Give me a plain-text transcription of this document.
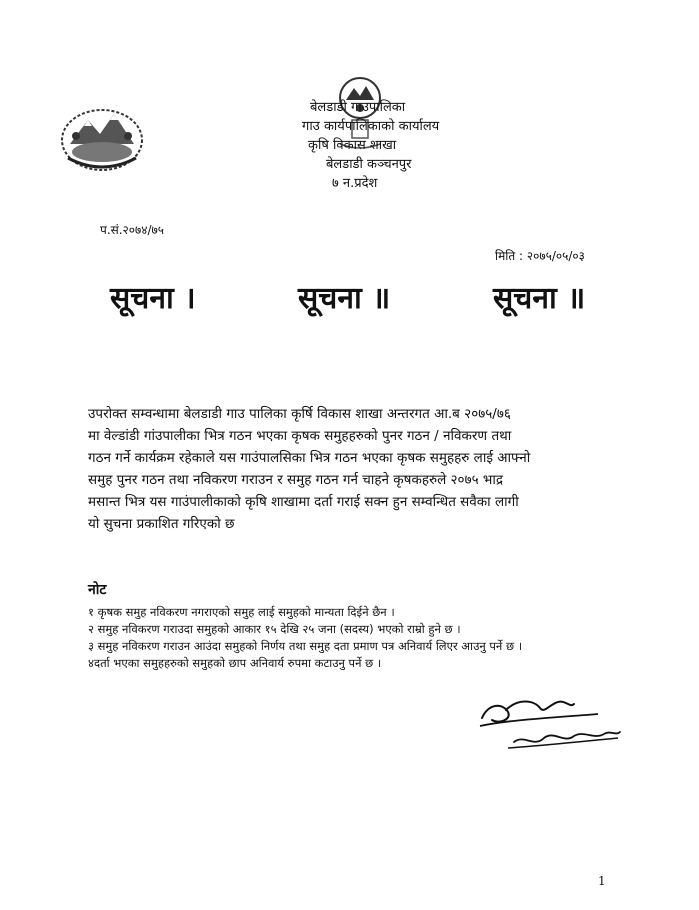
बेलडाडी गाउपालिका
गाउ कार्यपालिकाको कार्यालय
कृषि विकास शाखा
बेलडाडी कञ्चनपुर
७ न.प्रदेश
प.सं.२०७४/७५
मिति : २०७५/०५/०३
सूचना ।	सूचना ॥	सूचना ॥
उपरोक्त सम्वन्धामा बेलडाडी गाउ पालिका कृर्षि विकास शाखा अन्तरगत आ.ब २०७५/७६
मा वेल्डांडी गांउपालीका भित्र गठन भएका कृषक समुहहरुको पुनर गठन / नविकरण तथा
गठन गर्ने कार्यक्रम रहेकाले यस गाउंपालसिका भित्र गठन भएका कृषक समुहहरु लाई आफ्नो
समुह पुनर गठन तथा नविकरण गराउन र समुह गठन गर्न चाहने कृषकहरुले २०७५ भाद्र
मसान्त भित्र यस गाउंपालीकाको कृषि शाखामा दर्ता गराई सक्न हुन सम्वन्धित सवैका लागी
यो सुचना प्रकाशित गरिएको छ
नोट
१ कृषक समुह नविकरण नगराएको समुह लाई समुहको मान्यता दिईने छैन ।
२ समुह नविकरण गराउदा समुहको आकार १५ देखि २५ जना (सदस्य) भएको राम्रो हुने छ ।
३ समुह नविकरण गराउन आउंदा समुहको निर्णय तथा समुह दता प्रमाण पत्र अनिवार्य लिएर आउनु पर्ने छ ।
४दर्ता भएका समुहहरुको समुहको छाप अनिवार्य रुपमा कटाउनु पर्ने छ ।
1
